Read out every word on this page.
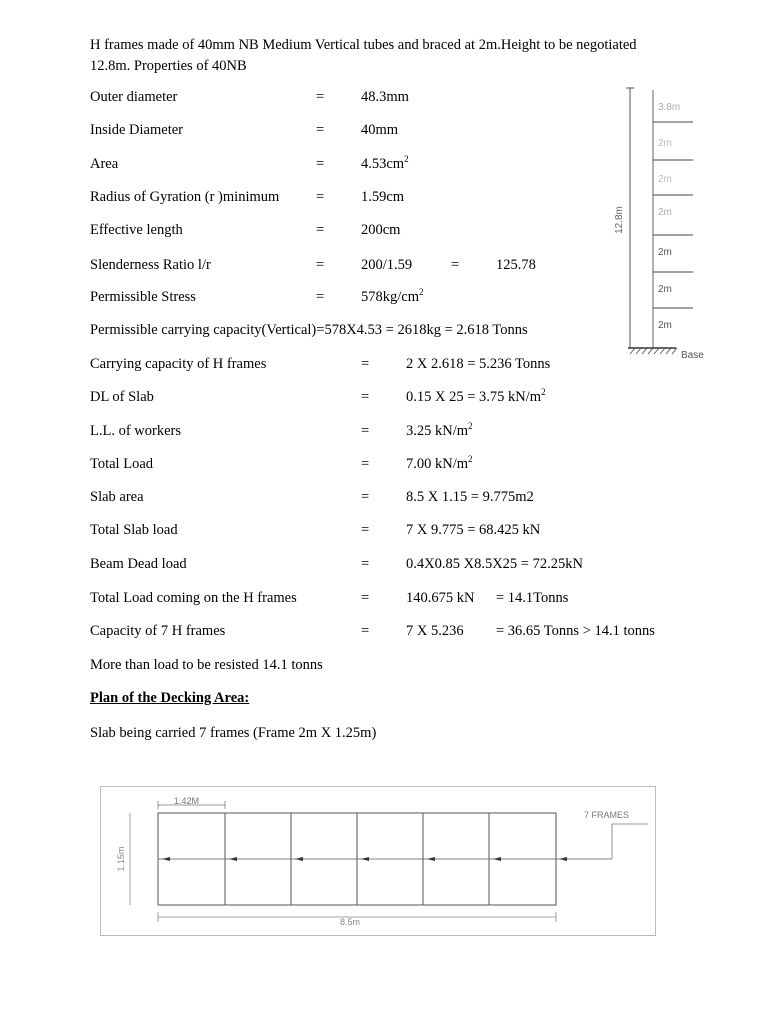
H frames made of 40mm NB Medium Vertical tubes and braced at 2m.Height to be negotiated
12.8m. Properties of 40NB
Outer diameter	=	48.3mm
Inside Diameter	=	40mm
Area	=	$4.53cm^2$
Radius of Gyration (r )minimum	=	1.59cm
Effective length	=	200cm
Slenderness Ratio l/r	=	200/1.59	=	125.78
Permissible Stress	=	$578kg/cm^2$
Permissible carrying capacity(Vertical)=578X4.53 = 2618kg = 2.618 Tonns
Carrying capacity of H frames	=	2 X 2.618 = 5.236 Tonns
DL of Slab	=	0.15 X 25 = 3.75 $kN/m^2$
L.L. of workers	=	3.25 $kN/m^2$
Total Load	=	7.00 $kN/m^2$
Slab area	=	8.5 X 1.15 = 9.775m2
Total Slab load	=	7 X 9.775 = 68.425 kN
Beam Dead load	=	0.4X0.85 X8.5X25 = 72.25kN
Total Load coming on the H frames	=	140.675 kN = 14.1Tonns
Capacity of 7 H frames	=	7 X 5.236 = 36.65 Tonns > 14.1 tonns
More than load to be resisted 14.1 tonns
Plan of the Decking Area:
Slab being carried 7 frames (Frame 2m X 1.25m)
12.8m
3.8m
2m
2m
2m
2m
2m
2m
Base
1.42M
7 FRAMES
1.15m
8.5m
